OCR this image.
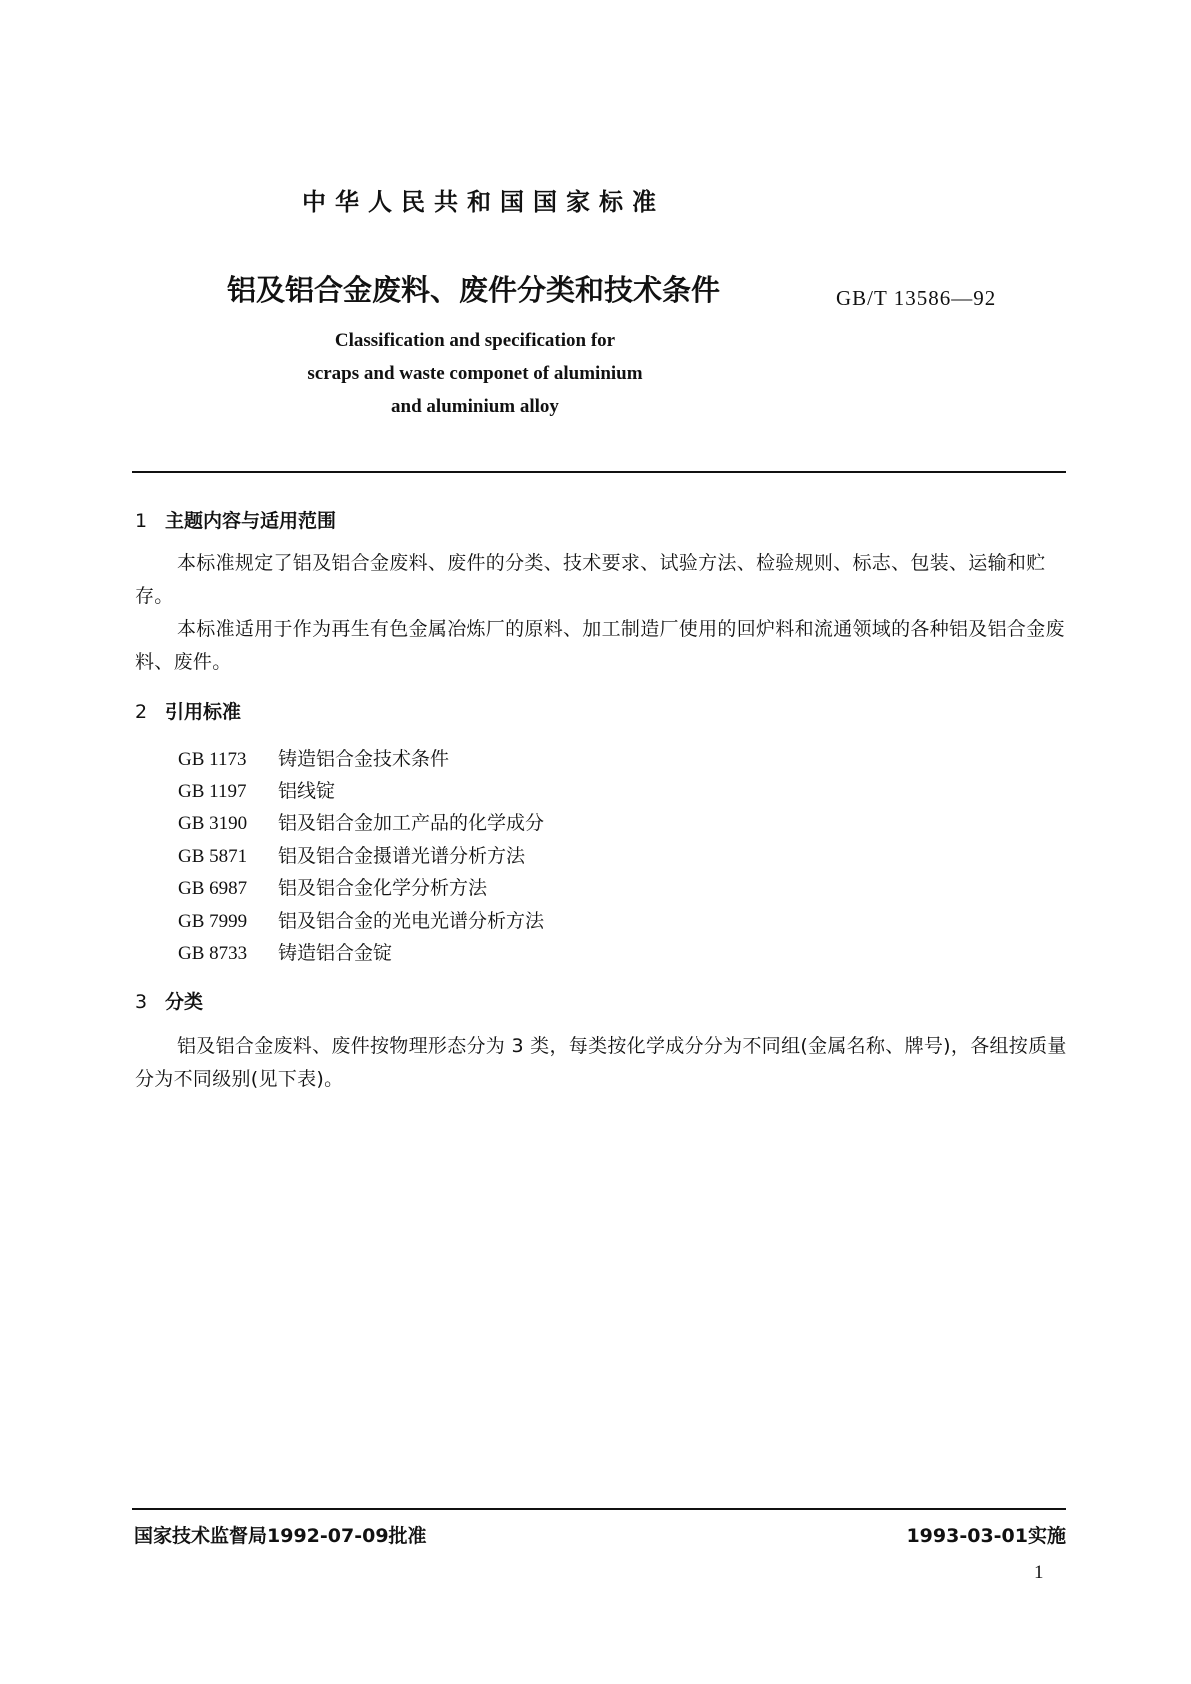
中华人民共和国国家标准
铝及铝合金废料、废件分类和技术条件	GB/T 13586—92
Classification and specification for
scraps and waste componet of aluminium
and aluminium alloy
1 主题内容与适用范围
本标准规定了铝及铝合金废料、废件的分类、技术要求、试验方法、检验规则、标志、包装、运输和贮存。
本标准适用于作为再生有色金属冶炼厂的原料、加工制造厂使用的回炉料和流通领域的各种铝及铝合金废料、废件。
2 引用标准
GB 1173 铸造铝合金技术条件
GB 1197 铝线锭
GB 3190 铝及铝合金加工产品的化学成分
GB 5871 铝及铝合金摄谱光谱分析方法
GB 6987 铝及铝合金化学分析方法
GB 7999 铝及铝合金的光电光谱分析方法
GB 8733 铸造铝合金锭
3 分类
铝及铝合金废料、废件按物理形态分为 3 类，每类按化学成分分为不同组(金属名称、牌号)，各组按质量分为不同级别(见下表)。
国家技术监督局1992-07-09批准	1993-03-01实施
1
